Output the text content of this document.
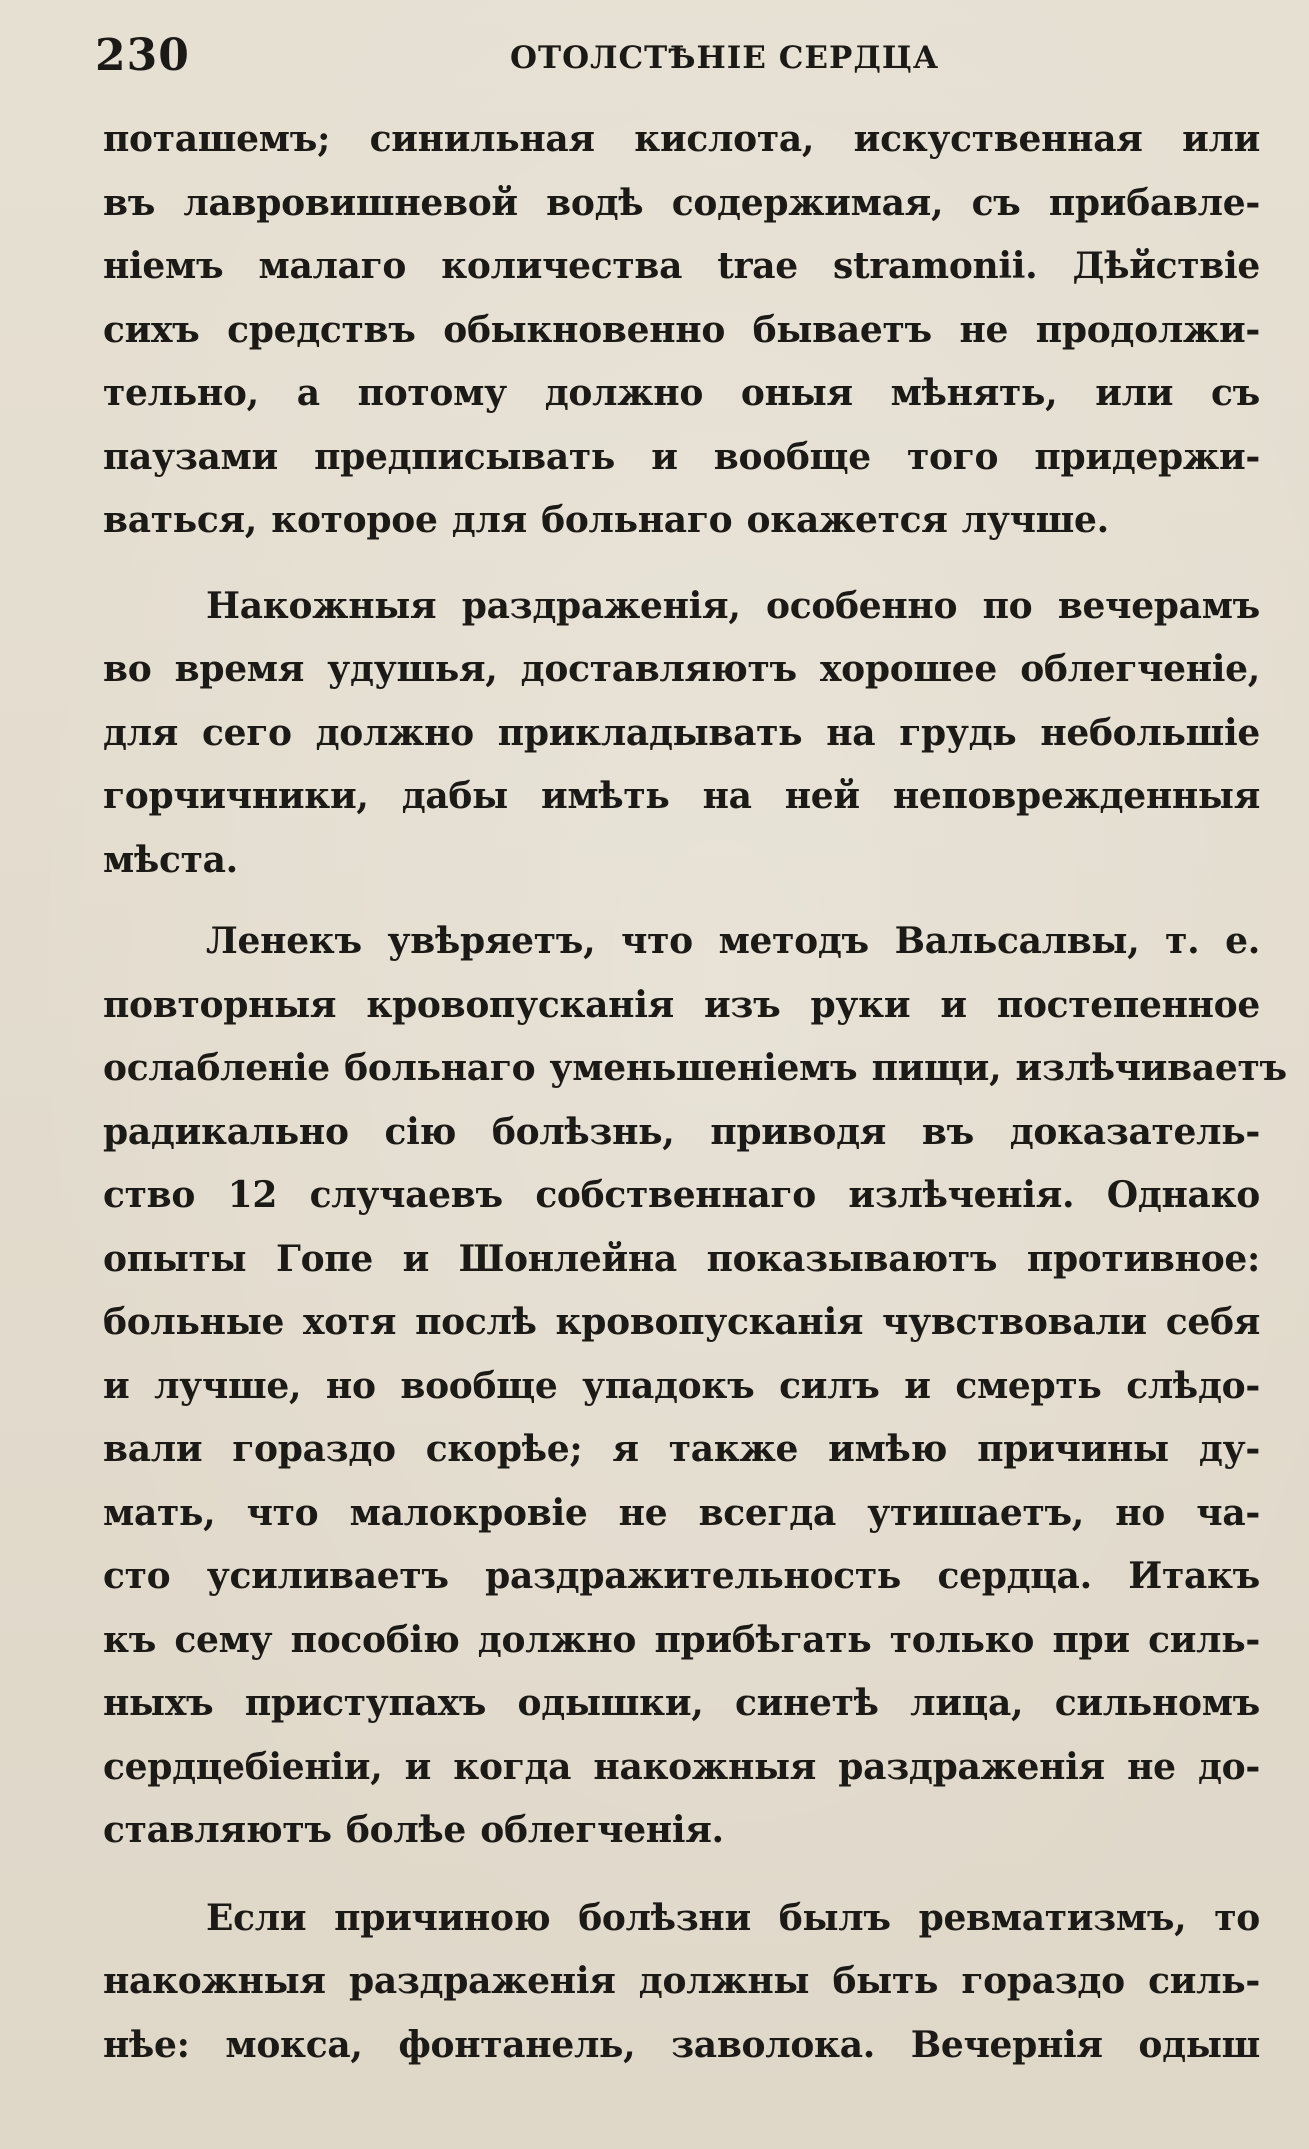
230	ОТОЛСТѢНІЕ СЕРДЦА
поташемъ; синильная кислота, искуственная или
въ лавровишневой водѣ содержимая, съ прибавле-
ніемъ малаго количества trae stramonii. Дѣйствіе
сихъ средствъ обыкновенно бываетъ не продолжи-
тельно, а потому должно оныя мѣнять, или съ
паузами предписывать и вообще того придержи-
ваться, которое для больнаго окажется лучше.
Накожныя раздраженія, особенно по вечерамъ
во время удушья, доставляютъ хорошее облегченіе,
для сего должно прикладывать на грудь небольшіе
горчичники, дабы имѣть на ней неповрежденныя
мѣста.
Ленекъ увѣряетъ, что методъ Вальсалвы, т. е.
повторныя кровопусканія изъ руки и постепенное
ослабленіе больнаго уменьшеніемъ пищи, излѣчиваетъ
радикально сію болѣзнь, приводя въ доказатель-
ство 12 случаевъ собственнаго излѣченія. Однако
опыты Гопе и Шонлейна показываютъ противное:
больные хотя послѣ кровопусканія чувствовали себя
и лучше, но вообще упадокъ силъ и смерть слѣдо-
вали гораздо скорѣе; я также имѣю причины ду-
мать, что малокровіе не всегда утишаетъ, но ча-
сто усиливаетъ раздражительность сердца. Итакъ
къ сему пособію должно прибѣгать только при силь-
ныхъ приступахъ одышки, синетѣ лица, сильномъ
сердцебіеніи, и когда накожныя раздраженія не до-
ставляютъ болѣе облегченія.
Если причиною болѣзни былъ ревматизмъ, то
накожныя раздраженія должны быть гораздо силь-
нѣе: мокса, фонтанель, заволока. Вечернія одыш
